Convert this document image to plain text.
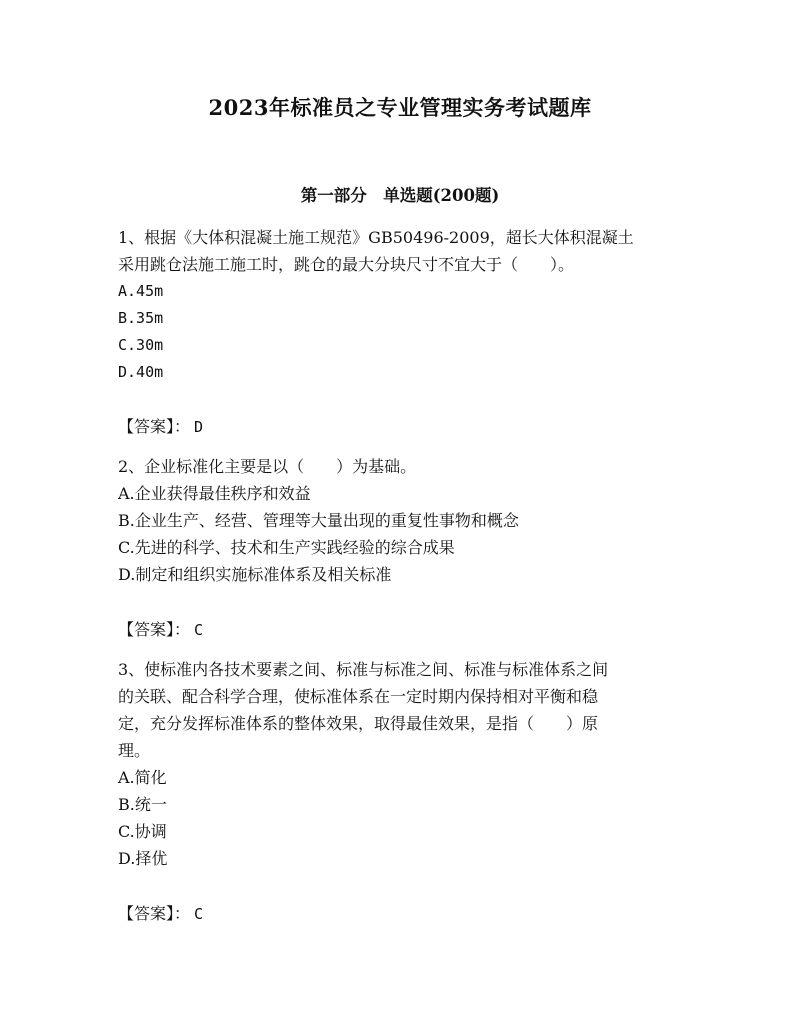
2023年标准员之专业管理实务考试题库
第一部分　单选题(200题)
1、根据《大体积混凝土施工规范》GB50496-2009，超长大体积混凝土
采用跳仓法施工施工时，跳仓的最大分块尺寸不宜大于（　　）。
A.45m
B.35m
C.30m
D.40m
【答案】： D
2、企业标准化主要是以（　　）为基础。
A.企业获得最佳秩序和效益
B.企业生产、经营、管理等大量出现的重复性事物和概念
C.先进的科学、技术和生产实践经验的综合成果
D.制定和组织实施标准体系及相关标准
【答案】： C
3、使标准内各技术要素之间、标准与标准之间、标准与标准体系之间
的关联、配合科学合理，使标准体系在一定时期内保持相对平衡和稳
定，充分发挥标准体系的整体效果，取得最佳效果，是指（　　）原
理。
A.简化
B.统一
C.协调
D.择优
【答案】： C
